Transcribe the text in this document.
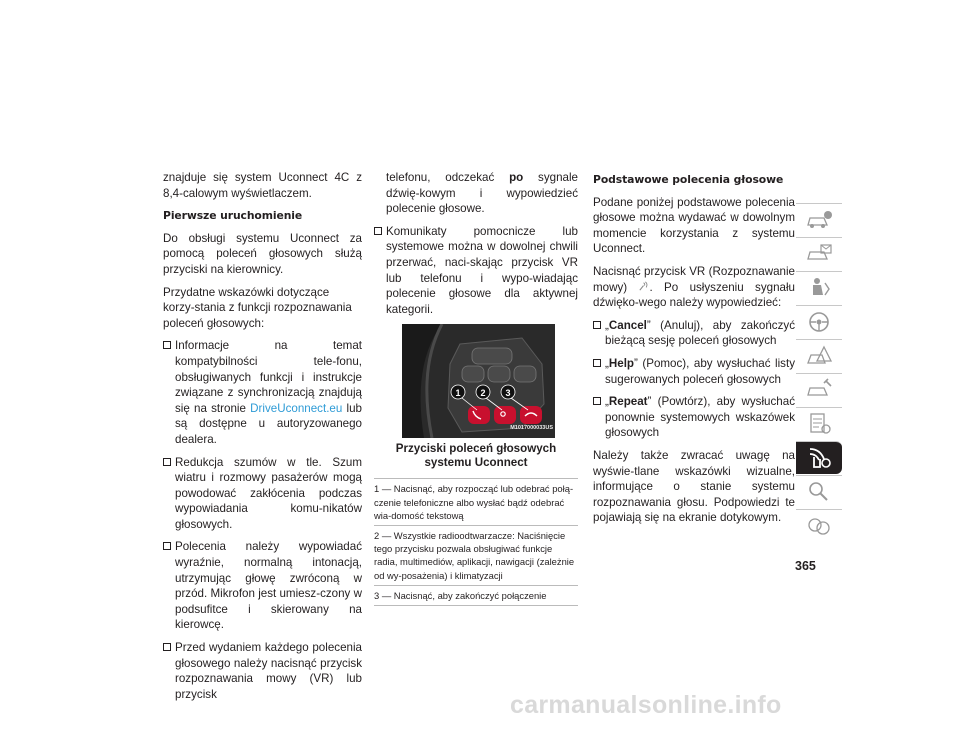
znajduje się system Uconnect 4C z 8,4-calowym wyświetlaczem.

Pierwsze uruchomienie

Do obsługi systemu Uconnect za pomocą poleceń głosowych służą przyciski na kierownicy.

Przydatne wskazówki dotyczące korzy-stania z funkcji rozpoznawania poleceń głosowych:

Informacje na temat kompatybilności tele-fonu, obsługiwanych funkcji i instrukcje związane z synchronizacją znajdują się na stronie DriveUconnect.eu lub są dostępne u autoryzowanego dealera.
Redukcja szumów w tle. Szum wiatru i rozmowy pasażerów mogą powodować zakłócenia podczas wypowiadania komu-nikatów głosowych.
Polecenia należy wypowiadać wyraźnie, normalną intonacją, utrzymując głowę zwróconą w przód. Mikrofon jest umiesz-czony w podsufitce i skierowany na kierowcę.
Przed wydaniem każdego polecenia głosowego należy nacisnąć przycisk rozpoznawania mowy (VR) lub przycisk
telefonu, odczekać po sygnale dźwię-kowym i wypowiedzieć polecenie głosowe.
Komunikaty pomocnicze lub systemowe można w dowolnej chwili przerwać, naci-skając przycisk VR lub telefonu i wypo-wiadając polecenie głosowe dla aktywnej kategorii.
1 2 3
M1017000033US
Przyciski poleceń głosowych systemu Uconnect
1 — Nacisnąć, aby rozpocząć lub odebrać połą-czenie telefoniczne albo wysłać bądź odebrać wia-domość tekstową
2 — Wszystkie radioodtwarzacze: Naciśnięcie tego przycisku pozwala obsługiwać funkcje radia, multimediów, aplikacji, nawigacji (zależnie od wy-posażenia) i klimatyzacji
3 — Nacisnąć, aby zakończyć połączenie
Podstawowe polecenia głosowe

Podane poniżej podstawowe polecenia głosowe można wydawać w dowolnym momencie korzystania z systemu Uconnect.

Nacisnąć przycisk VR (Rozpoznawanie mowy) . Po usłyszeniu sygnału dźwięko-wego należy wypowiedzieć:

„Cancel” (Anuluj), aby zakończyć bieżącą sesję poleceń głosowych
„Help” (Pomoc), aby wysłuchać listy sugerowanych poleceń głosowych
„Repeat” (Powtórz), aby wysłuchać ponownie systemowych wskazówek głosowych

Należy także zwracać uwagę na wyświe-tlane wskazówki wizualne, informujące o stanie systemu rozpoznawania głosu. Podpowiedzi te pojawiają się na ekranie dotykowym.

365
carmanualsonline.info
